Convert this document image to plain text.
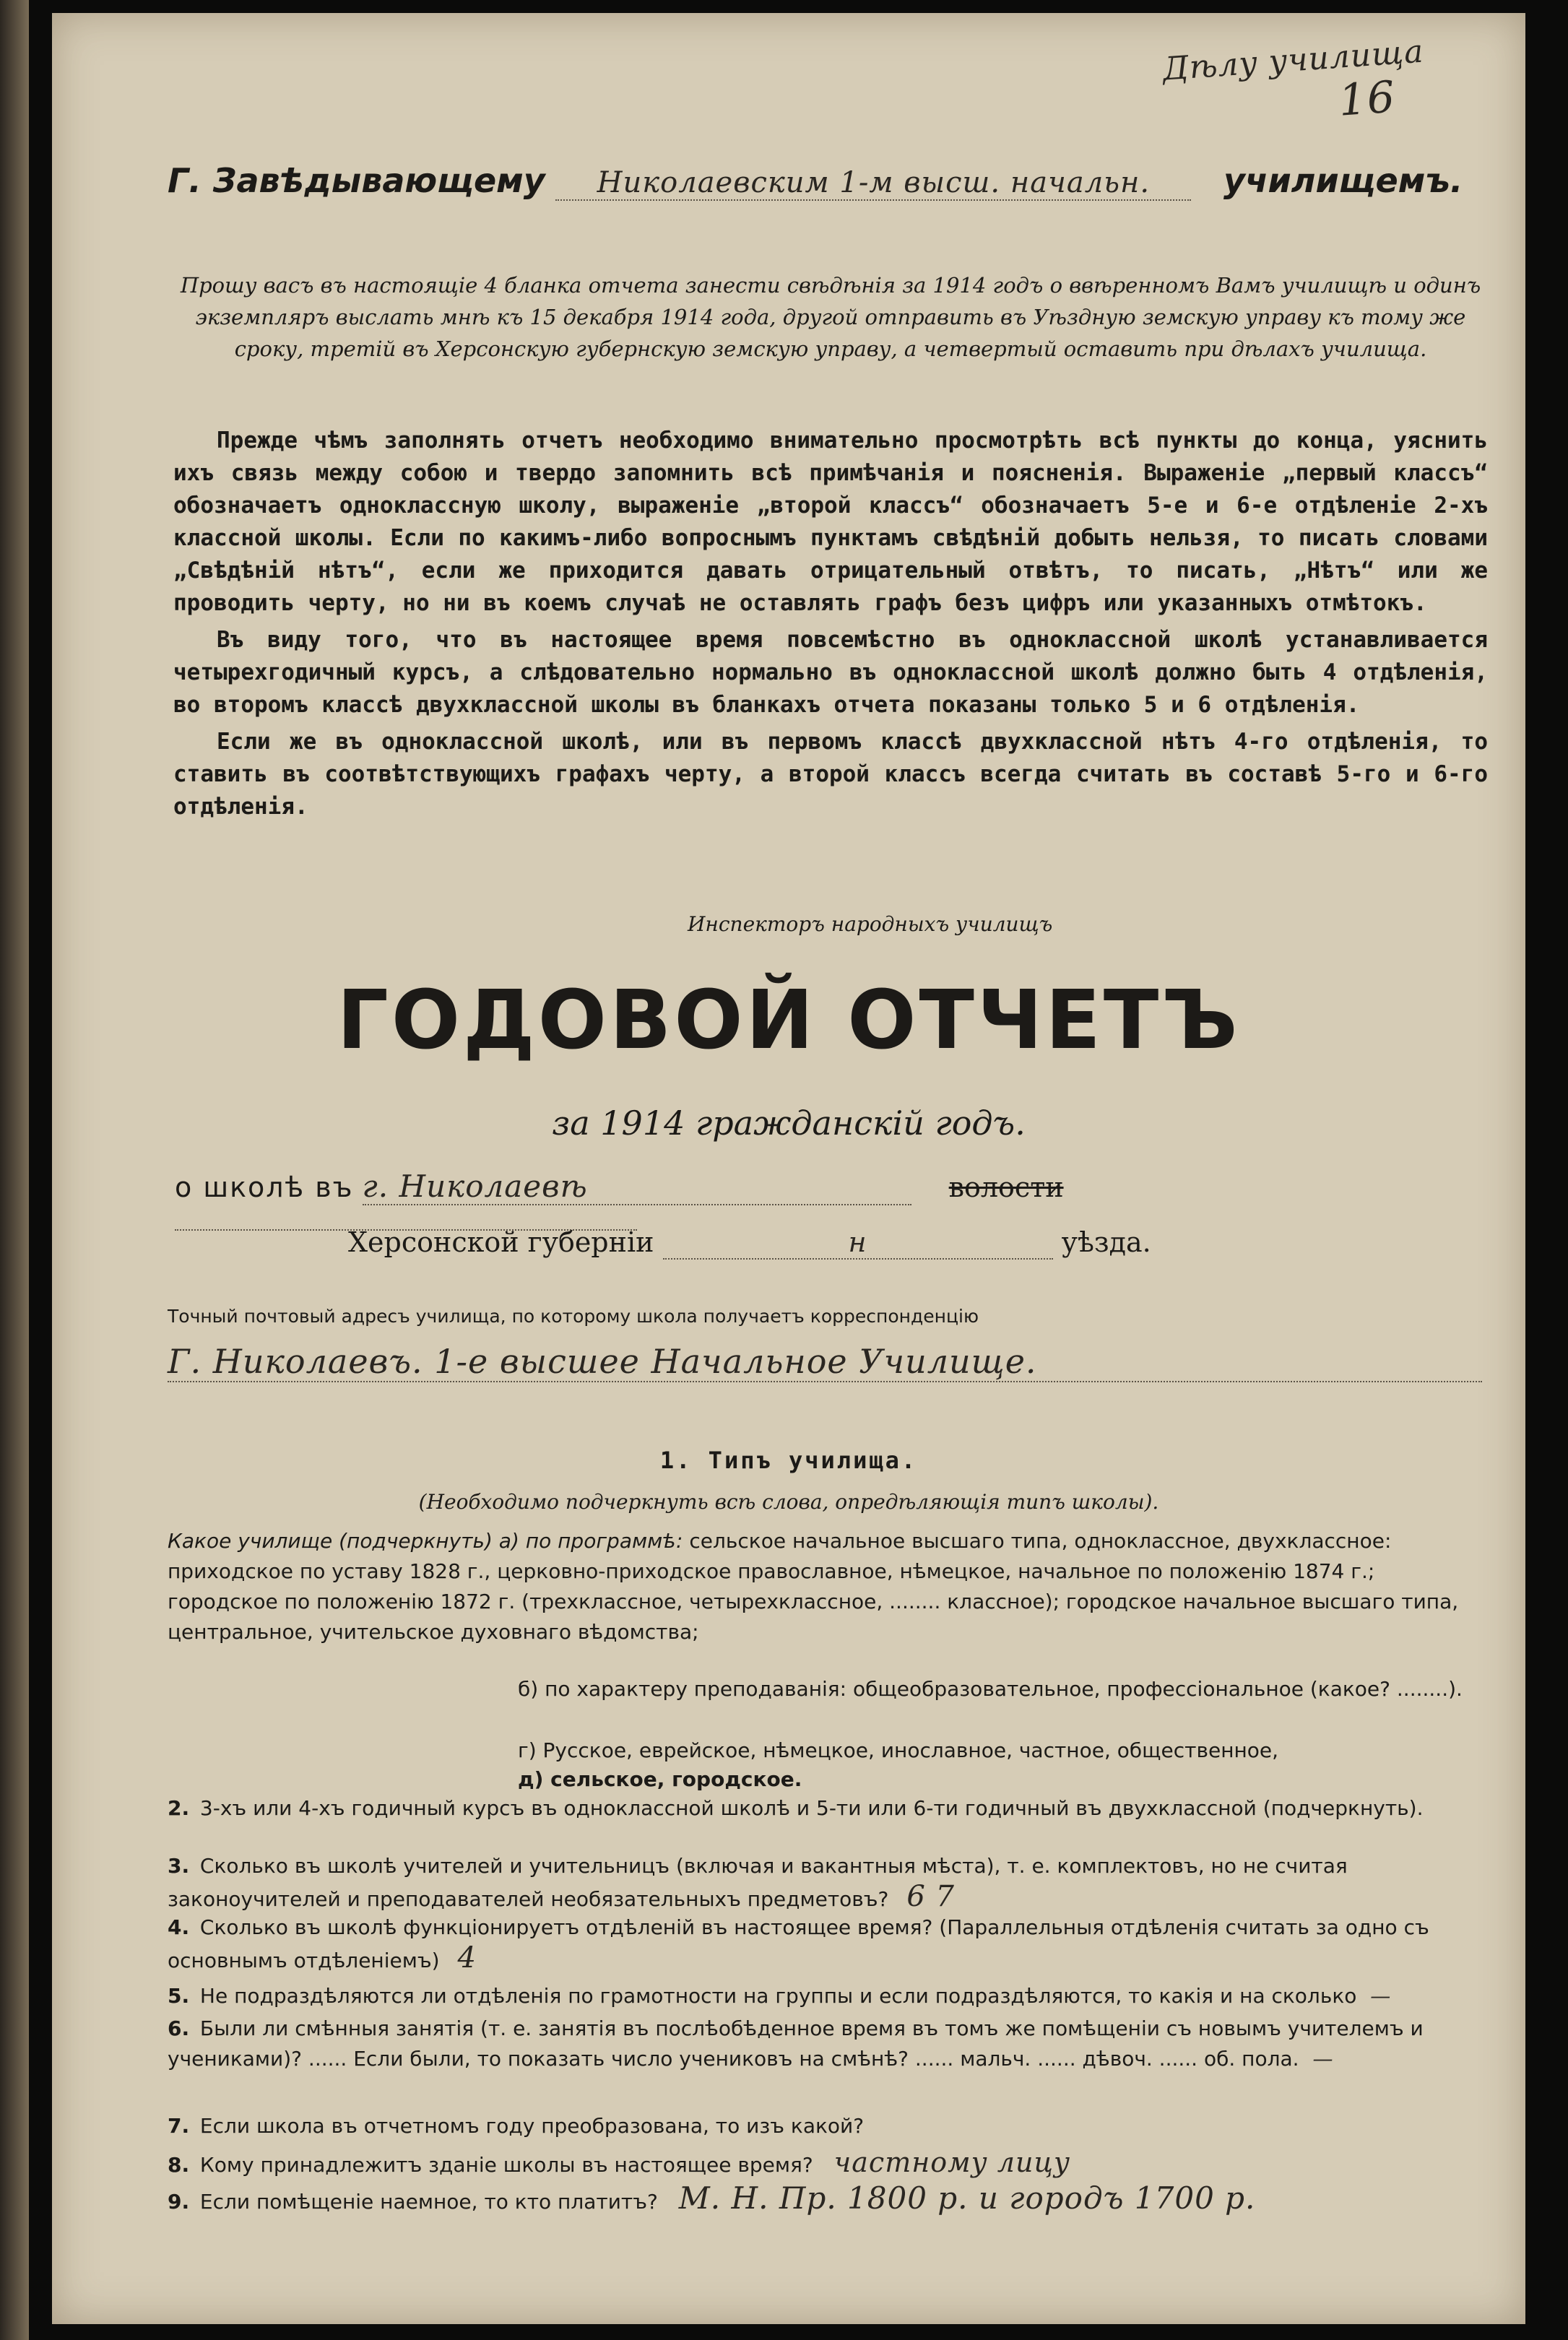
Дѣлу училища
16
Г. Завѣдывающему Николаевским 1-м высш. начальн. училищемъ.
Прошу васъ въ настоящіе 4 бланка отчета занести свѣдѣнія за 1914 годъ о ввѣренномъ Вамъ училищѣ и одинъ экземпляръ выслать мнѣ къ 15 декабря 1914 года, другой отправить въ Уѣздную земскую управу къ тому же сроку, третій въ Херсонскую губернскую земскую управу, а четвертый оставить при дѣлахъ училища.

Прежде чѣмъ заполнять отчетъ необходимо внимательно просмотрѣть всѣ пункты до конца, уяснить ихъ связь между собою и твердо запомнить всѣ примѣчанія и поясненія. Выраженіе „первый классъ“ обозначаетъ одноклассную школу, выраженіе „второй классъ“ обозначаетъ 5-е и 6-е отдѣленіе 2-хъ классной школы. Если по какимъ-либо вопроснымъ пунктамъ свѣдѣній добыть нельзя, то писать словами „Свѣдѣній нѣтъ“, если же приходится давать отрицательный отвѣтъ, то писать, „Нѣтъ“ или же проводить черту, но ни въ коемъ случаѣ не оставлять графъ безъ цифръ или указанныхъ отмѣтокъ.

Въ виду того, что въ настоящее время повсемѣстно въ одноклассной школѣ устанавливается четырехгодичный курсъ, а слѣдовательно нормально въ одноклассной школѣ должно быть 4 отдѣленія, во второмъ классѣ двухклассной школы въ бланкахъ отчета показаны только 5 и 6 отдѣленія.

Если же въ одноклассной школѣ, или въ первомъ классѣ двухклассной нѣтъ 4-го отдѣленія, то ставить въ соотвѣтствующихъ графахъ черту, а второй классъ всегда считать въ составѣ 5-го и 6-го отдѣленія.

Инспекторъ народныхъ училищъ
ГОДОВОЙ ОТЧЕТЪ
за 1914 гражданскій годъ.
о школѣ въ г. Николаевѣ	волости
Херсонской губерніи	н	уѣзда.
Точный почтовый адресъ училища, по которому школа получаетъ корреспонденцію
Г. Николаевъ. 1-е высшее Начальное Училище.
1. Типъ училища.
(Необходимо подчеркнуть всѣ слова, опредѣляющія типъ школы).
Какое училище (подчеркнуть) а) по программѣ: сельское начальное высшаго типа, одноклассное, двухклассное: приходское по уставу 1828 г., церковно-приходское православное, нѣмецкое, начальное по положенію 1874 г.; городское по положенію 1872 г. (трехклассное, четырехклассное, ........ классное); городское начальное высшаго типа, центральное, учительское духовнаго вѣдомства;
б) по характеру преподаванія: общеобразовательное, профессіональное (какое? ........).
г) Русское, еврейское, нѣмецкое, инославное, частное, общественное,
д) сельское, городское.
2. 3-хъ или 4-хъ годичный курсъ въ одноклассной школѣ и 5-ти или 6-ти годичный въ двухклассной (подчеркнуть).
3. Сколько въ школѣ учителей и учительницъ (включая и вакантныя мѣста), т. е. комплектовъ, но не считая законоучителей и преподавателей необязательныхъ предметовъ? 6 7
4. Сколько въ школѣ функціонируетъ отдѣленій въ настоящее время? (Параллельныя отдѣленія считать за одно съ основнымъ отдѣленіемъ) 4
5. Не подраздѣляются ли отдѣленія по грамотности на группы и если подраздѣляются, то какія и на сколько —
6. Были ли смѣнныя занятія (т. е. занятія въ послѣобѣденное время въ томъ же помѣщеніи съ новымъ учителемъ и учениками)? ...... Если были, то показать число учениковъ на смѣнѣ? ...... мальч. ...... дѣвоч. ...... об. пола. —
7. Если школа въ отчетномъ году преобразована, то изъ какой?
8. Кому принадлежитъ зданіе школы въ настоящее время? частному лицу
9. Если помѣщеніе наемное, то кто платитъ? М. Н. Пр. 1800 р. и городъ 1700 р.
